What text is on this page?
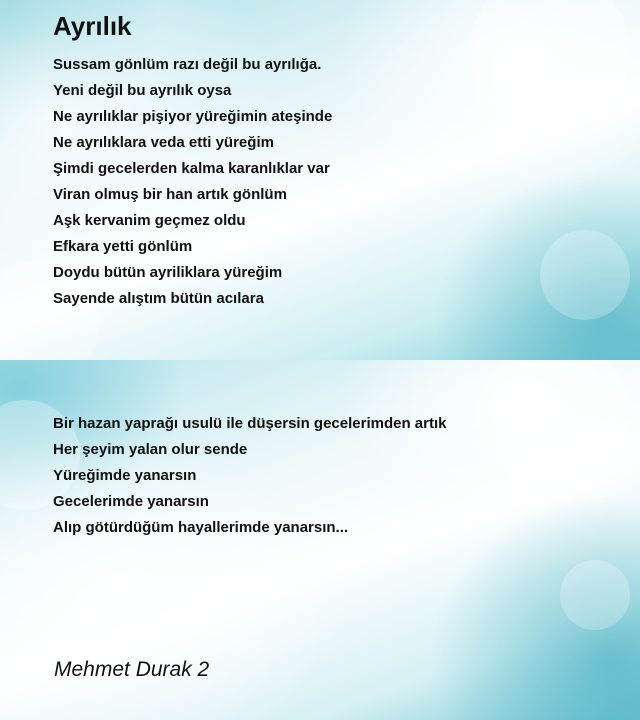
Ayrılık
Sussam gönlüm razı değil bu ayrılığa.
Yeni değil bu ayrılık oysa
Ne ayrılıklar pişiyor yüreğimin ateşinde
Ne ayrılıklara veda etti yüreğim
Şimdi gecelerden kalma karanlıklar var
Viran olmuş bir han artık gönlüm
Aşk kervanim geçmez oldu
Efkara yetti gönlüm
Doydu bütün ayriliklara yüreğim
Sayende alıştım bütün acılara
Bir hazan yaprağı usulü ile düşersin gecelerimden artık
Her şeyim yalan olur sende
Yüreğimde yanarsın
Gecelerimde yanarsın
Alıp götürdüğüm hayallerimde yanarsın...
Mehmet Durak 2
